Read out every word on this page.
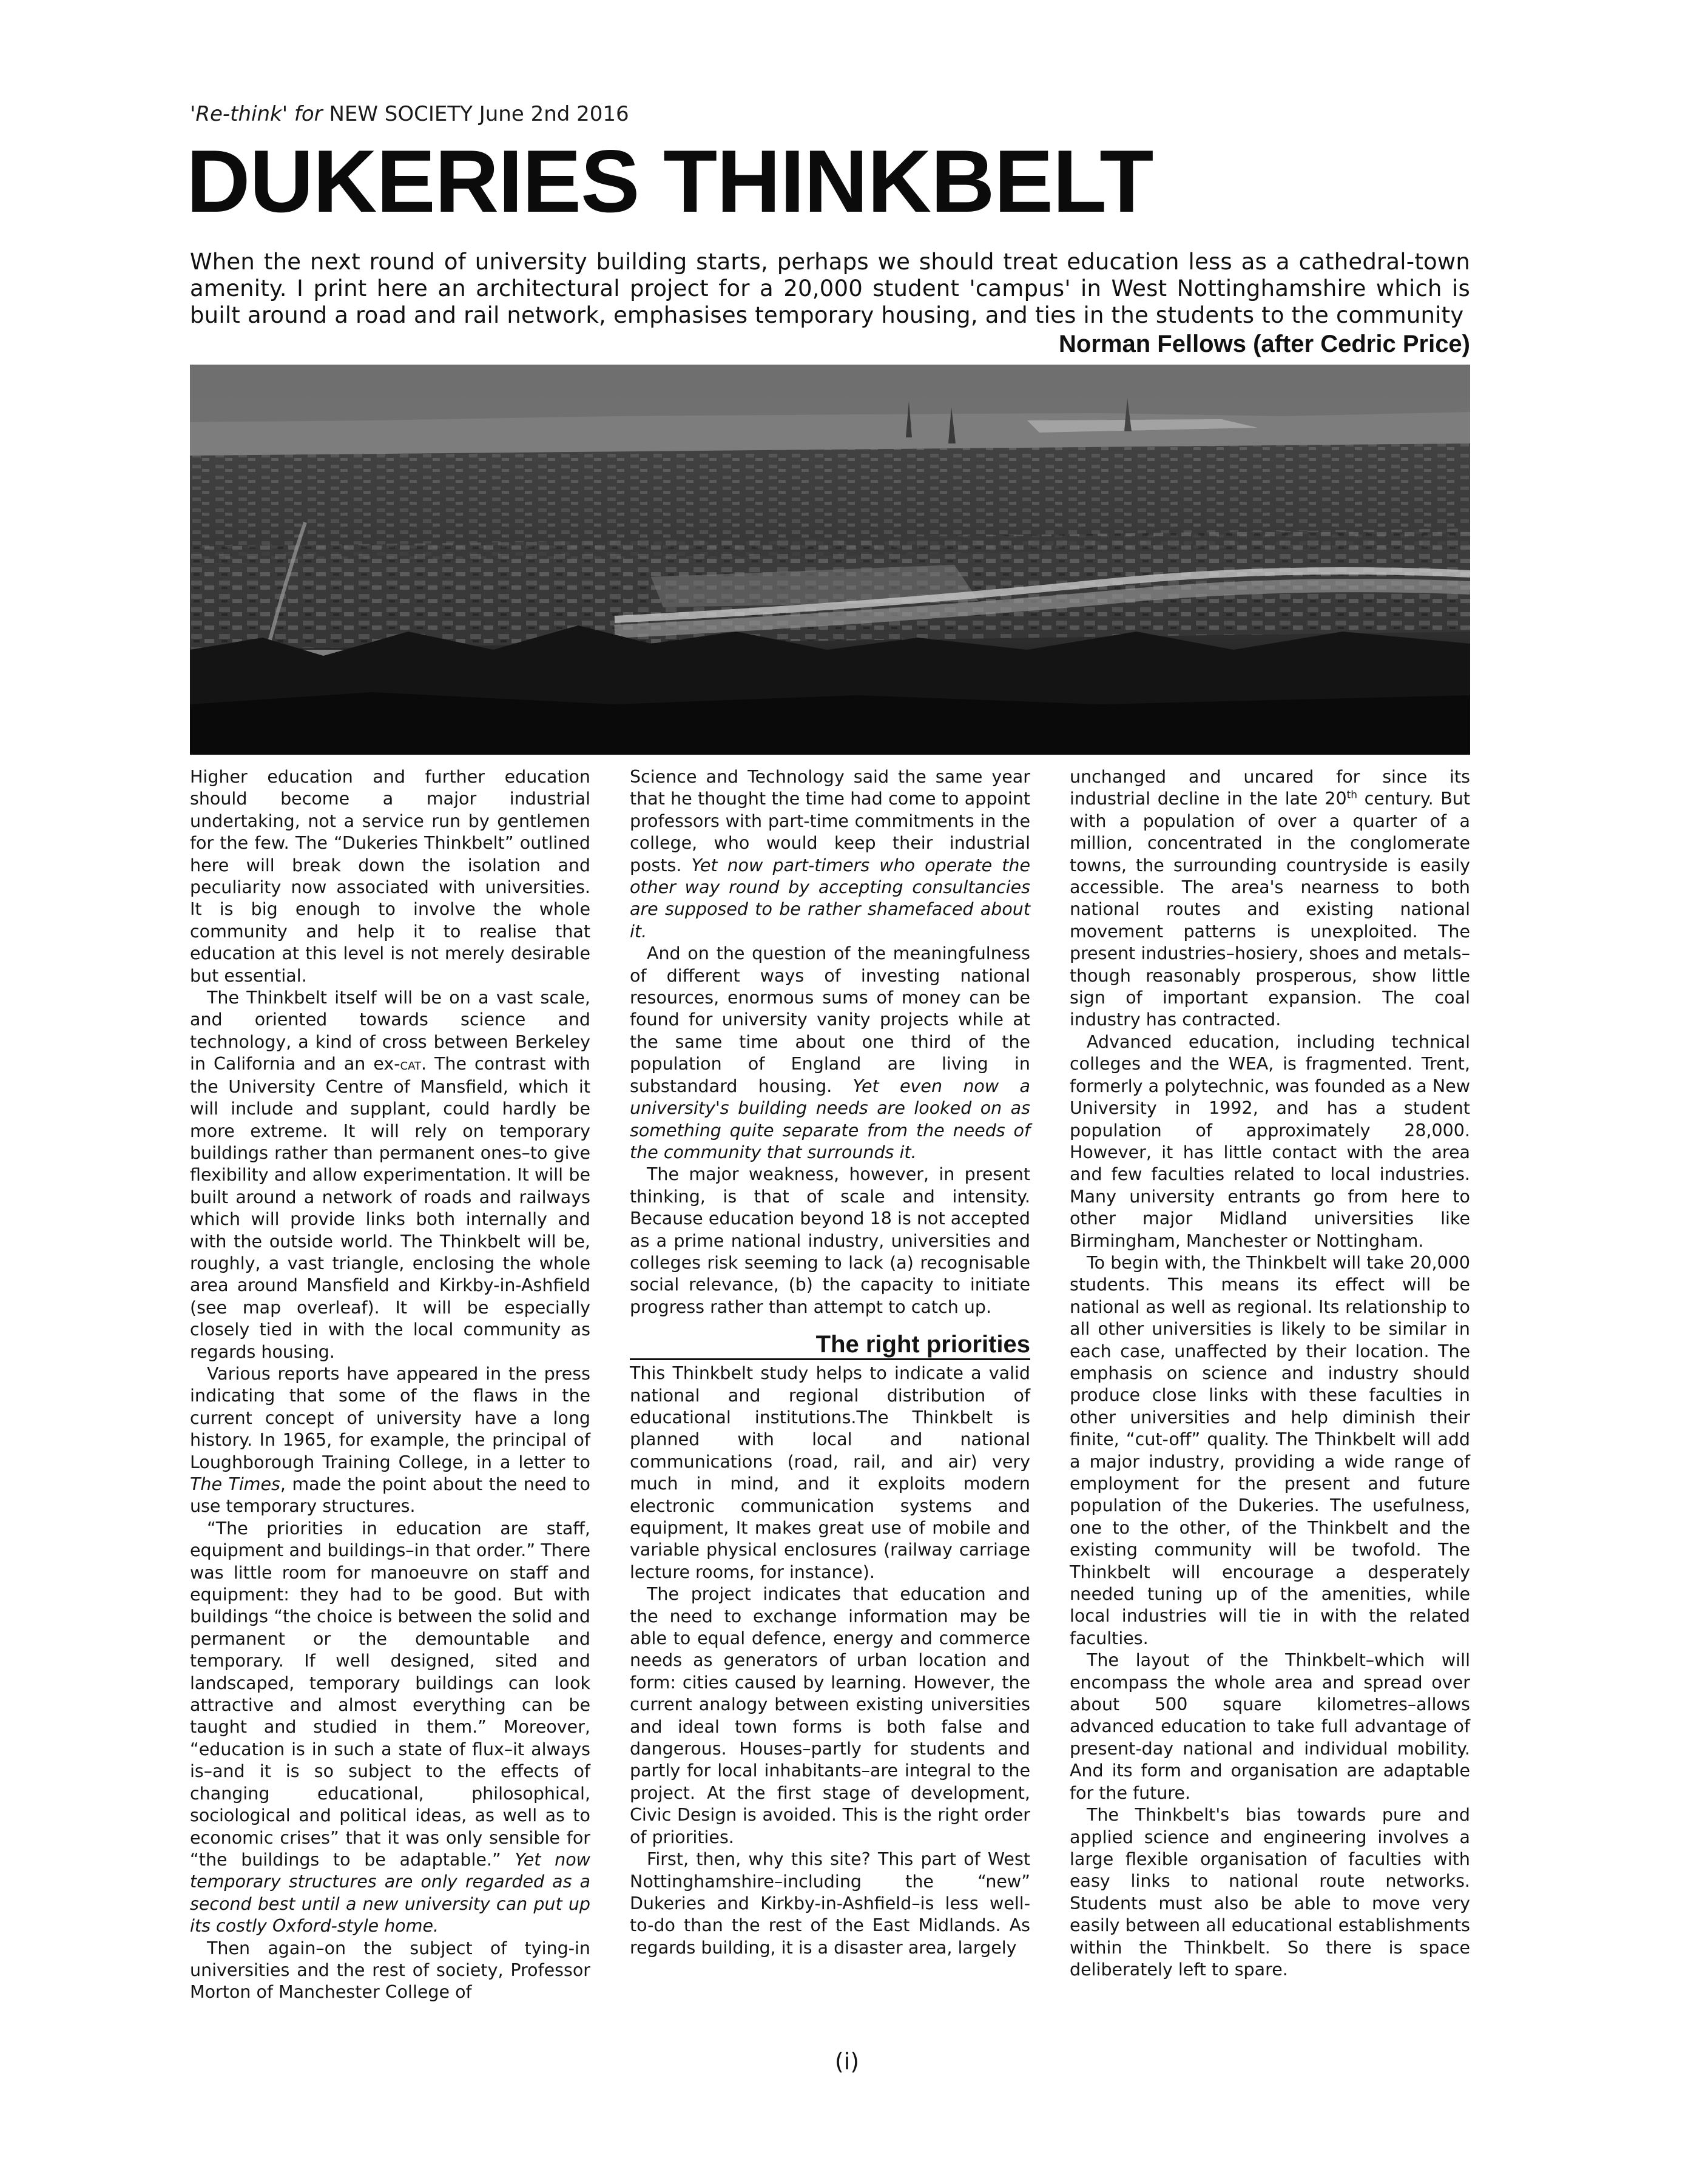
'Re-think' for NEW SOCIETY June 2nd 2016

DUKERIES THINKBELT
When the next round of university building starts, perhaps we should treat education less as a cathedral-town amenity. I print here an architectural project for a 20,000 student 'campus' in West Nottinghamshire which is built around a road and rail network, emphasises temporary housing, and ties in the students to the community
Norman Fellows (after Cedric Price)

Higher education and further education should become a major industrial undertaking, not a service run by gentlemen for the few. The “Dukeries Thinkbelt” outlined here will break down the isolation and peculiarity now associated with universities. It is big enough to involve the whole community and help it to realise that education at this level is not merely desirable but essential.

The Thinkbelt itself will be on a vast scale, and oriented towards science and technology, a kind of cross between Berkeley in California and an ex-cat. The contrast with the University Centre of Mansfield, which it will include and supplant, could hardly be more extreme. It will rely on temporary buildings rather than permanent ones–to give flexibility and allow experimentation. It will be built around a network of roads and railways which will provide links both internally and with the outside world. The Thinkbelt will be, roughly, a vast triangle, enclosing the whole area around Mansfield and Kirkby-in-Ashfield (see map overleaf). It will be especially closely tied in with the local community as regards housing.

Various reports have appeared in the press indicating that some of the flaws in the current concept of university have a long history. In 1965, for example, the principal of Loughborough Training College, in a letter to The Times, made the point about the need to use temporary structures.

“The priorities in education are staff, equipment and buildings–in that order.” There was little room for manoeuvre on staff and equipment: they had to be good. But with buildings “the choice is between the solid and permanent or the demountable and temporary. If well designed, sited and landscaped, temporary buildings can look attractive and almost everything can be taught and studied in them.” Moreover, “education is in such a state of flux–it always is–and it is so subject to the effects of changing educational, philosophical, sociological and political ideas, as well as to economic crises” that it was only sensible for “the buildings to be adaptable.” Yet now temporary structures are only regarded as a second best until a new university can put up its costly Oxford-style home.

Then again–on the subject of tying-in universities and the rest of society, Professor Morton of Manchester College of

Science and Technology said the same year that he thought the time had come to appoint professors with part-time commitments in the college, who would keep their industrial posts. Yet now part-timers who operate the other way round by accepting consultancies are supposed to be rather shamefaced about it.

And on the question of the meaningfulness of different ways of investing national resources, enormous sums of money can be found for university vanity projects while at the same time about one third of the population of England are living in substandard housing. Yet even now a university's building needs are looked on as something quite separate from the needs of the community that surrounds it.

The major weakness, however, in present thinking, is that of scale and intensity. Because education beyond 18 is not accepted as a prime national industry, universities and colleges risk seeming to lack (a) recognisable social relevance, (b) the capacity to initiate progress rather than attempt to catch up.

The right priorities

This Thinkbelt study helps to indicate a valid national and regional distribution of educational institutions.The Thinkbelt is planned with local and national communications (road, rail, and air) very much in mind, and it exploits modern electronic communication systems and equipment, It makes great use of mobile and variable physical enclosures (railway carriage lecture rooms, for instance).

The project indicates that education and the need to exchange information may be able to equal defence, energy and commerce needs as generators of urban location and form: cities caused by learning. However, the current analogy between existing universities and ideal town forms is both false and dangerous. Houses–partly for students and partly for local inhabitants–are integral to the project. At the first stage of development, Civic Design is avoided. This is the right order of priorities.

First, then, why this site? This part of West Nottinghamshire–including the “new” Dukeries and Kirkby-in-Ashfield–is less well-to-do than the rest of the East Midlands. As regards building, it is a disaster area, largely

unchanged and uncared for since its industrial decline in the late 20th century. But with a population of over a quarter of a million, concentrated in the conglomerate towns, the surrounding countryside is easily accessible. The area's nearness to both national routes and existing national movement patterns is unexploited. The present industries–hosiery, shoes and metals–though reasonably prosperous, show little sign of important expansion. The coal industry has contracted.

Advanced education, including technical colleges and the WEA, is fragmented. Trent, formerly a polytechnic, was founded as a New University in 1992, and has a student population of approximately 28,000. However, it has little contact with the area and few faculties related to local industries. Many university entrants go from here to other major Midland universities like Birmingham, Manchester or Nottingham.

To begin with, the Thinkbelt will take 20,000 students. This means its effect will be national as well as regional. Its relationship to all other universities is likely to be similar in each case, unaffected by their location. The emphasis on science and industry should produce close links with these faculties in other universities and help diminish their finite, “cut-off” quality. The Thinkbelt will add a major industry, providing a wide range of employment for the present and future population of the Dukeries. The usefulness, one to the other, of the Thinkbelt and the existing community will be twofold. The Thinkbelt will encourage a desperately needed tuning up of the amenities, while local industries will tie in with the related faculties.

The layout of the Thinkbelt–which will encompass the whole area and spread over about 500 square kilometres–allows advanced education to take full advantage of present-day national and individual mobility. And its form and organisation are adaptable for the future.

The Thinkbelt's bias towards pure and applied science and engineering involves a large flexible organisation of faculties with easy links to national route networks. Students must also be able to move very easily between all educational establishments within the Thinkbelt. So there is space deliberately left to spare.

(i)
